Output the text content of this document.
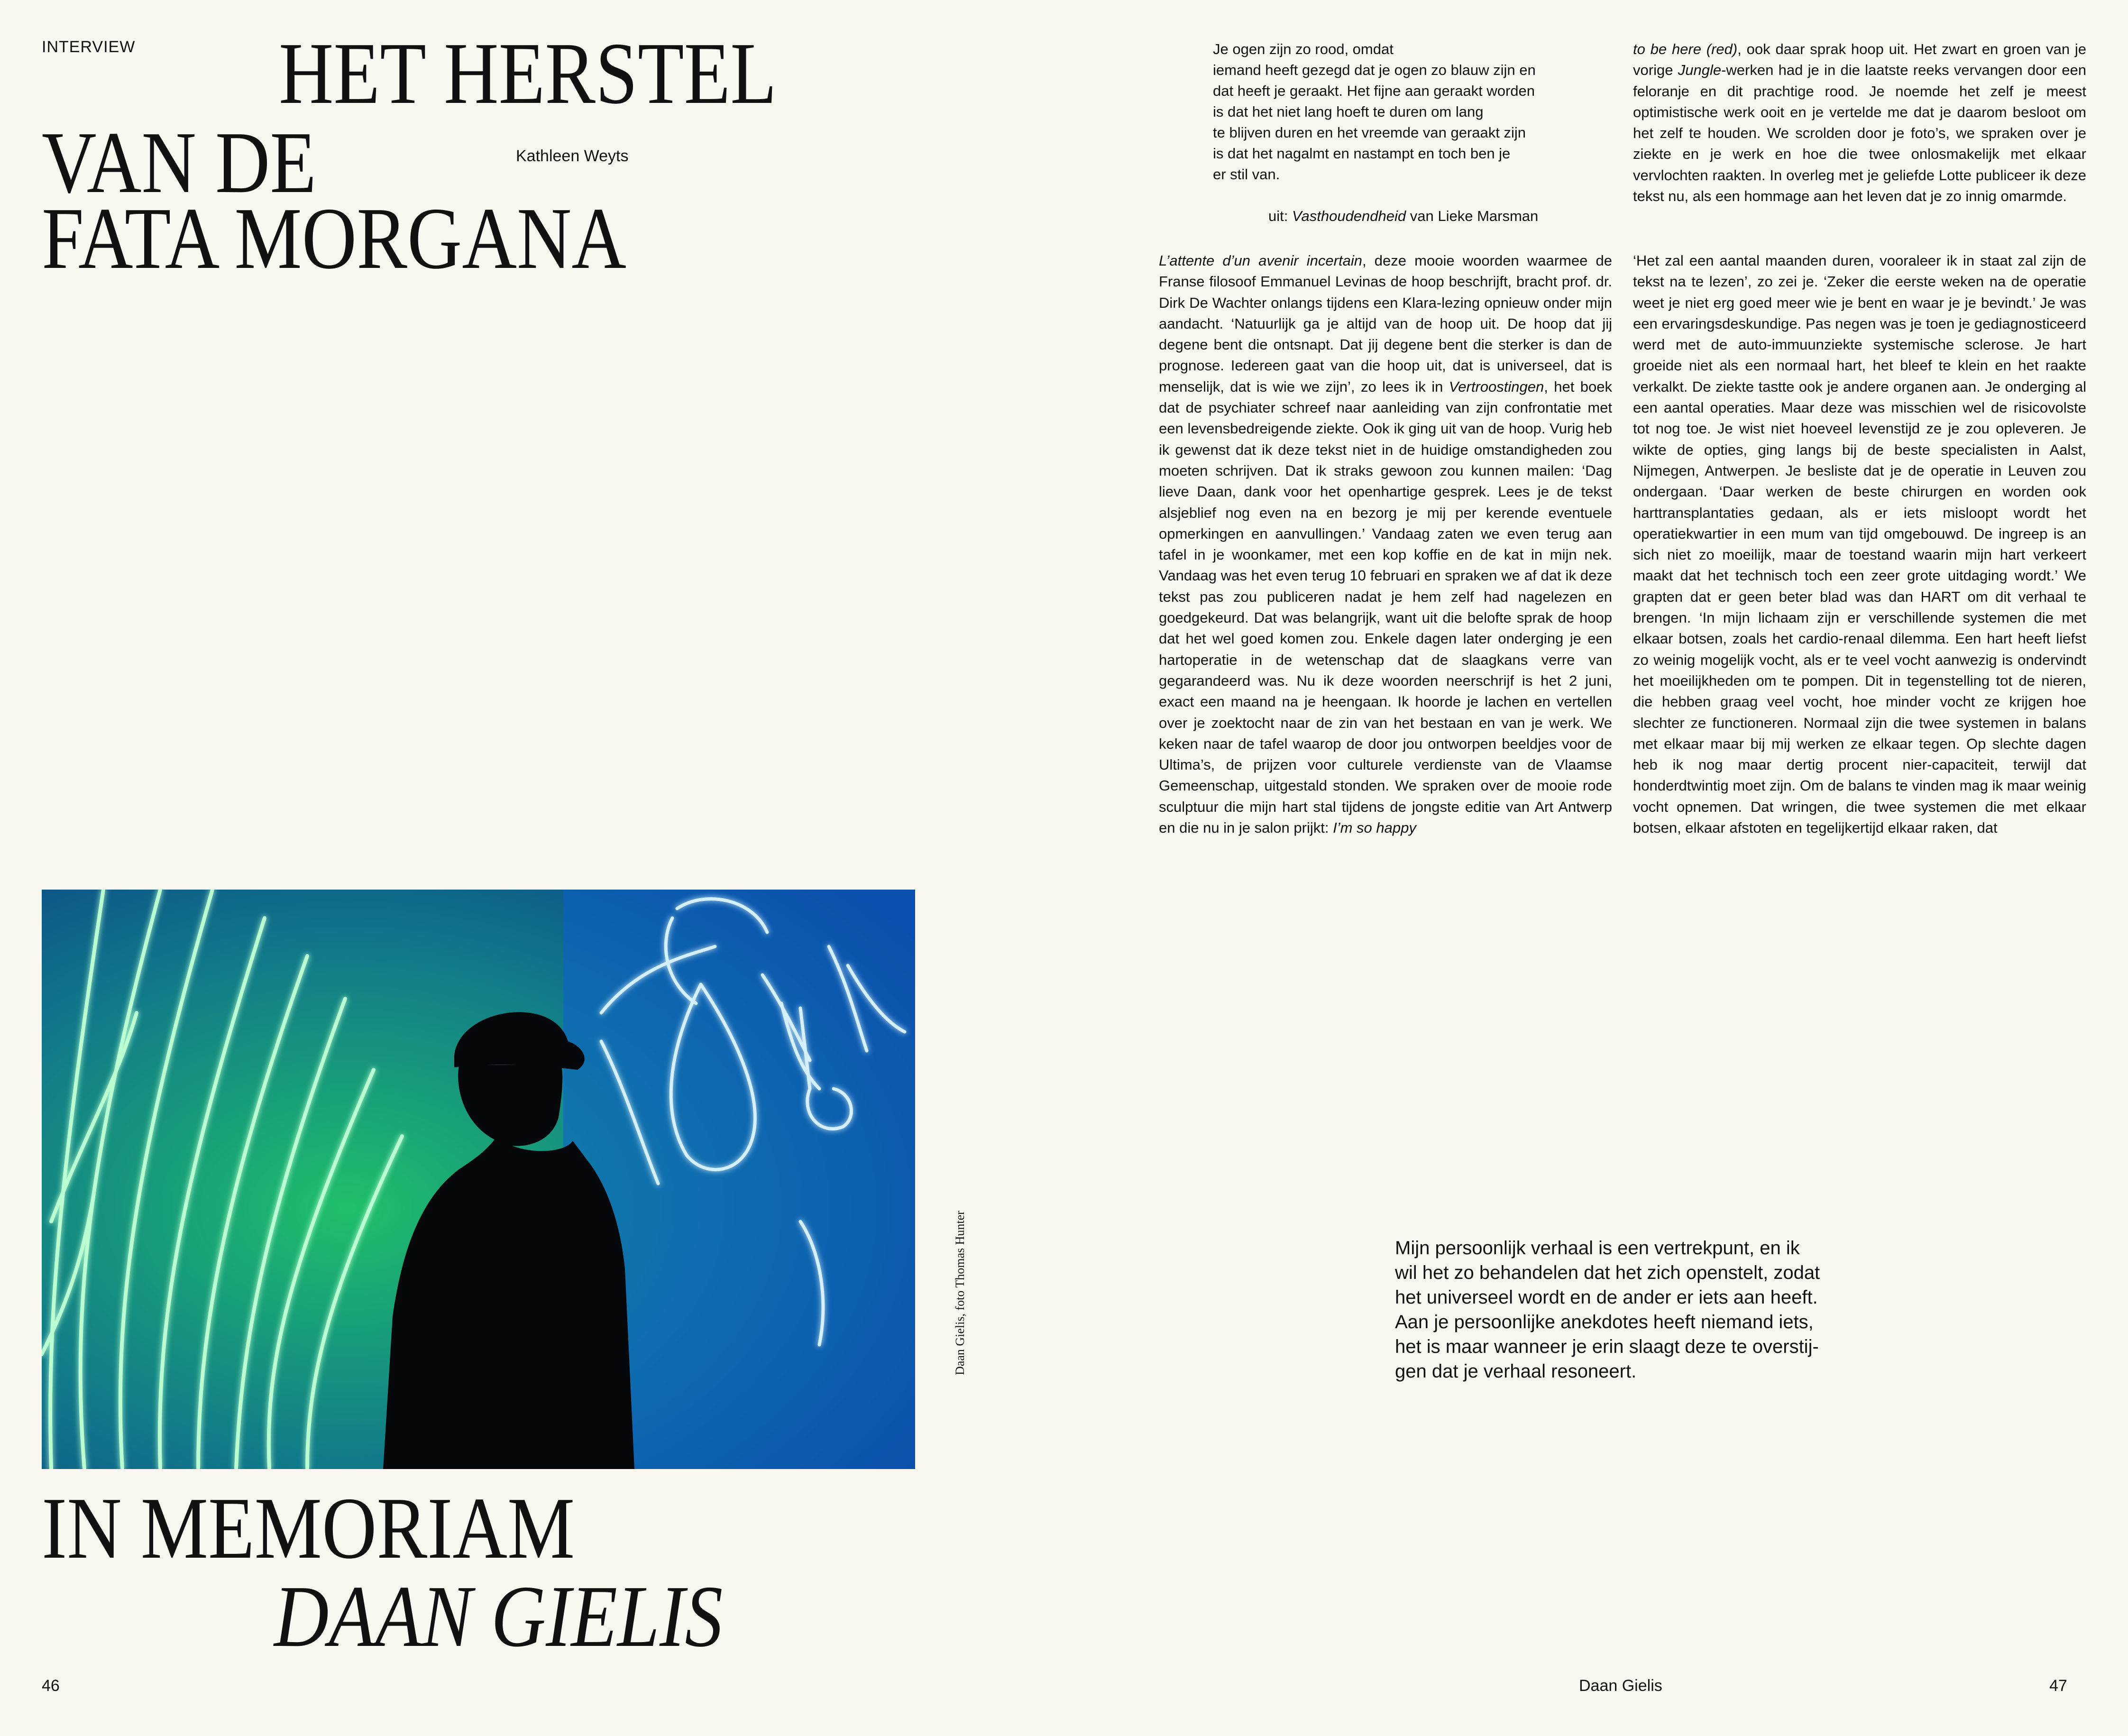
INTERVIEW HET HERSTEL
VAN DE
FATA MORGANA
Kathleen Weyts
Daan Gielis, foto Thomas Hunter
IN MEMORIAM
DAAN GIELIS
46
Je ogen zijn zo rood, omdat
iemand heeft gezegd dat je ogen zo blauw zijn en
dat heeft je geraakt. Het fijne aan geraakt worden
is dat het niet lang hoeft te duren om lang
te blijven duren en het vreemde van geraakt zijn
is dat het nagalmt en nastampt en toch ben je
er stil van.
uit: Vasthoudendheid van Lieke Marsman
to be here (red), ook daar sprak hoop uit. Het zwart en groen van je vorige Jungle-werken had je in die laatste reeks vervangen door een feloranje en dit prachtige rood. Je noemde het zelf je meest optimistische werk ooit en je vertelde me dat je daarom besloot om het zelf te houden. We scrolden door je foto’s, we spraken over je ziekte en je werk en hoe die twee onlosmakelijk met elkaar vervlochten raakten. In overleg met je geliefde Lotte publiceer ik deze tekst nu, als een hommage aan het leven dat je zo innig omarmde.
L’attente d’un avenir incertain, deze mooie woorden waarmee de Franse filosoof Emmanuel Levinas de hoop beschrijft, bracht prof. dr. Dirk De Wachter onlangs tijdens een Klara-lezing opnieuw onder mijn aandacht. ‘Natuurlijk ga je altijd van de hoop uit. De hoop dat jij degene bent die ontsnapt. Dat jij degene bent die sterker is dan de prognose. Iedereen gaat van die hoop uit, dat is universeel, dat is menselijk, dat is wie we zijn’, zo lees ik in Vertroostingen, het boek dat de psychiater schreef naar aanleiding van zijn confrontatie met een levensbedreigende ziekte. Ook ik ging uit van de hoop. Vurig heb ik gewenst dat ik deze tekst niet in de huidige omstandigheden zou moeten schrijven. Dat ik straks gewoon zou kunnen mailen: ‘Dag lieve Daan, dank voor het openhartige gesprek. Lees je de tekst alsjeblief nog even na en bezorg je mij per kerende eventuele opmerkingen en aanvullingen.’ Vandaag zaten we even terug aan tafel in je woonkamer, met een kop koffie en de kat in mijn nek. Vandaag was het even terug 10 februari en spraken we af dat ik deze tekst pas zou publiceren nadat je hem zelf had nagelezen en goedgekeurd. Dat was belangrijk, want uit die belofte sprak de hoop dat het wel goed komen zou. Enkele dagen later onderging je een hartoperatie in de wetenschap dat de slaagkans verre van gegarandeerd was. Nu ik deze woorden neerschrijf is het 2 juni, exact een maand na je heengaan. Ik hoorde je lachen en vertellen over je zoektocht naar de zin van het bestaan en van je werk. We keken naar de tafel waarop de door jou ontworpen beeldjes voor de Ultima’s, de prijzen voor culturele verdienste van de Vlaamse Gemeenschap, uitgestald stonden. We spraken over de mooie rode sculptuur die mijn hart stal tijdens de jongste editie van Art Antwerp en die nu in je salon prijkt: I’m so happy
‘Het zal een aantal maanden duren, vooraleer ik in staat zal zijn de tekst na te lezen’, zo zei je. ‘Zeker die eerste weken na de operatie weet je niet erg goed meer wie je bent en waar je je bevindt.’ Je was een ervaringsdeskundige. Pas negen was je toen je gediagnosticeerd werd met de auto-immuunziekte systemische sclerose. Je hart groeide niet als een normaal hart, het bleef te klein en het raakte verkalkt. De ziekte tastte ook je andere organen aan. Je onderging al een aantal operaties. Maar deze was misschien wel de risicovolste tot nog toe. Je wist niet hoeveel levenstijd ze je zou opleveren. Je wikte de opties, ging langs bij de beste specialisten in Aalst, Nijmegen, Antwerpen. Je besliste dat je de operatie in Leuven zou ondergaan. ‘Daar werken de beste chirurgen en worden ook harttransplantaties gedaan, als er iets misloopt wordt het operatiekwartier in een mum van tijd omgebouwd. De ingreep is an sich niet zo moeilijk, maar de toestand waarin mijn hart verkeert maakt dat het technisch toch een zeer grote uitdaging wordt.’ We grapten dat er geen beter blad was dan HART om dit verhaal te brengen. ‘In mijn lichaam zijn er verschillende systemen die met elkaar botsen, zoals het cardio-renaal dilemma. Een hart heeft liefst zo weinig mogelijk vocht, als er te veel vocht aanwezig is ondervindt het moeilijkheden om te pompen. Dit in tegenstelling tot de nieren, die hebben graag veel vocht, hoe minder vocht ze krijgen hoe slechter ze functioneren. Normaal zijn die twee systemen in balans met elkaar maar bij mij werken ze elkaar tegen. Op slechte dagen heb ik nog maar dertig procent nier-capaciteit, terwijl dat honderdtwintig moet zijn. Om de balans te vinden mag ik maar weinig vocht opnemen. Dat wringen, die twee systemen die met elkaar botsen, elkaar afstoten en tegelijkertijd elkaar raken, dat
Mijn persoonlijk verhaal is een vertrekpunt, en ik
wil het zo behandelen dat het zich openstelt, zodat
het universeel wordt en de ander er iets aan heeft.
Aan je persoonlijke anekdotes heeft niemand iets,
het is maar wanneer je erin slaagt deze te overstij-
gen dat je verhaal resoneert.
Daan Gielis	47
